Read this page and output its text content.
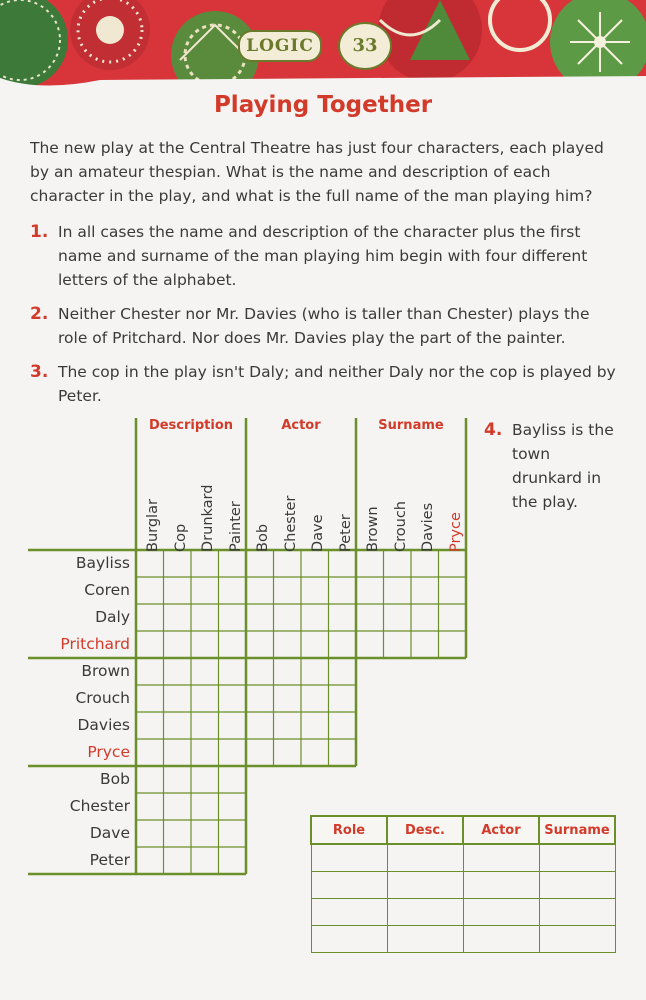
LOGIC	33
Playing Together
The new play at the Central Theatre has just four characters, each played by an amateur thespian. What is the name and description of each character in the play, and what is the full name of the man playing him?
1. In all cases the name and description of the character plus the first name and surname of the man playing him begin with four different letters of the alphabet.
2. Neither Chester nor Mr. Davies (who is taller than Chester) plays the role of Pritchard. Nor does Mr. Davies play the part of the painter.
3. The cop in the play isn't Daly; and neither Daly nor the cop is played by Peter.
4. Bayliss is the town drunkard in the play.
Description	Actor	Surname
Burglar Cop Drunkard Painter Bob Chester Dave Peter Brown Crouch Davies Pryce
Bayliss
Coren
Daly
Pritchard
Brown
Crouch
Davies
Pryce
Bob
Chester
Dave
Peter
Role	Desc.	Actor	Surname
